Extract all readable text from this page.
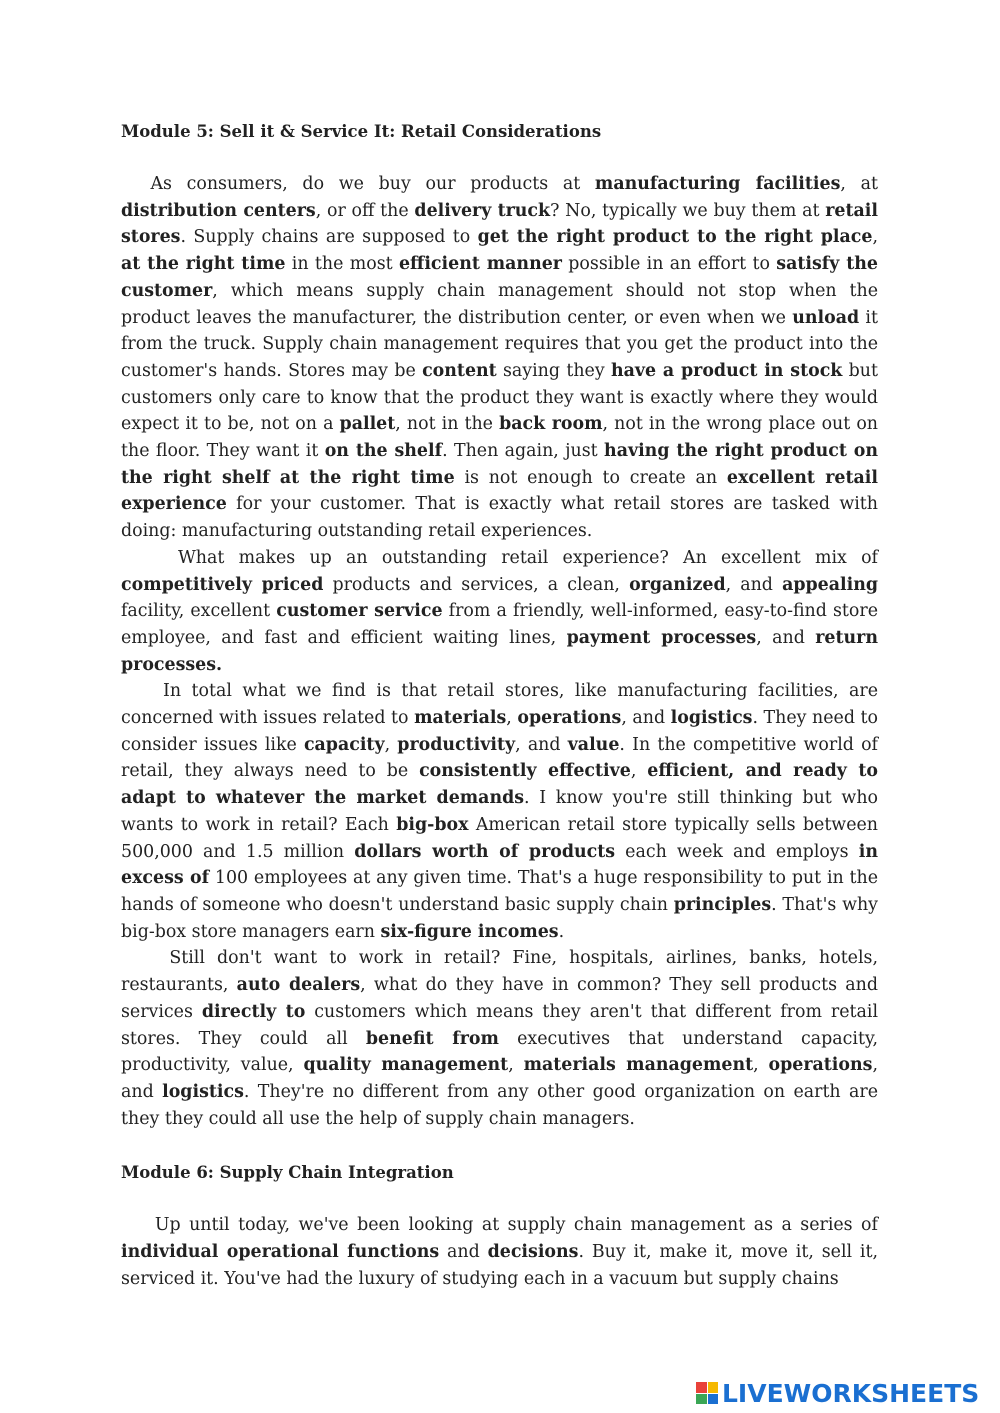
Module 5: Sell it & Service It: Retail Considerations

As consumers, do we buy our products at manufacturing facilities, at distribution centers, or off the delivery truck? No, typically we buy them at retail stores. Supply chains are supposed to get the right product to the right place, at the right time in the most efficient manner possible in an effort to satisfy the customer, which means supply chain management should not stop when the product leaves the manufacturer, the distribution center, or even when we unload it from the truck. Supply chain management requires that you get the product into the customer's hands. Stores may be content saying they have a product in stock but customers only care to know that the product they want is exactly where they would expect it to be, not on a pallet, not in the back room, not in the wrong place out on the floor. They want it on the shelf. Then again, just having the right product on the right shelf at the right time is not enough to create an excellent retail experience for your customer. That is exactly what retail stores are tasked with doing: manufacturing outstanding retail experiences.

What makes up an outstanding retail experience? An excellent mix of competitively priced products and services, a clean, organized, and appealing facility, excellent customer service from a friendly, well-informed, easy-to-find store employee, and fast and efficient waiting lines, payment processes, and return processes.

In total what we find is that retail stores, like manufacturing facilities, are concerned with issues related to materials, operations, and logistics. They need to consider issues like capacity, productivity, and value. In the competitive world of retail, they always need to be consistently effective, efficient, and ready to adapt to whatever the market demands. I know you're still thinking but who wants to work in retail? Each big-box American retail store typically sells between 500,000 and 1.5 million dollars worth of products each week and employs in excess of 100 employees at any given time. That's a huge responsibility to put in the hands of someone who doesn't understand basic supply chain principles. That's why big-box store managers earn six-figure incomes.

Still don't want to work in retail? Fine, hospitals, airlines, banks, hotels, restaurants, auto dealers, what do they have in common? They sell products and services directly to customers which means they aren't that different from retail stores. They could all benefit from executives that understand capacity, productivity, value, quality management, materials management, operations, and logistics. They're no different from any other good organization on earth are they they could all use the help of supply chain managers.

Module 6: Supply Chain Integration

Up until today, we've been looking at supply chain management as a series of individual operational functions and decisions. Buy it, make it, move it, sell it, serviced it. You've had the luxury of studying each in a vacuum but supply chains

LIVEWORKSHEETS
